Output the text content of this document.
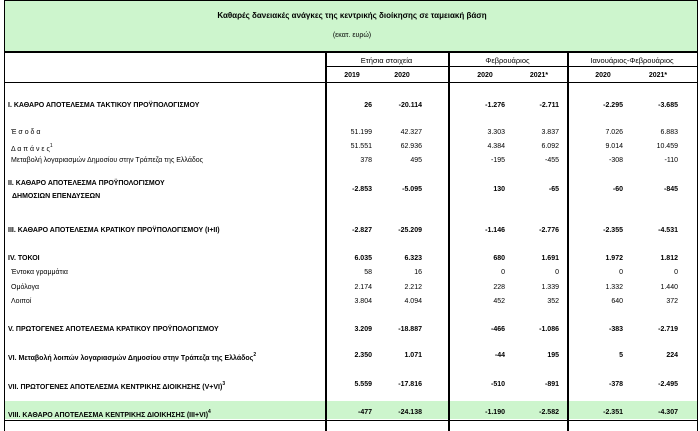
Καθαρές δανειακές ανάγκες της κεντρικής διοίκησης σε ταμειακή βάση
(εκατ. ευρώ)
Ετήσια στοιχεία
2019	2020
Φεβρουάριος
2020	2021*
Ιανουάριος-Φεβρουάριος
2020	2021*
I. ΚΑΘΑΡΟ ΑΠΟΤΕΛΕΣΜΑ ΤΑΚΤΙΚΟΥ ΠΡΟΫΠΟΛΟΓΙΣΜΟΥ	26	-20.114	-1.276	-2.711	-2.295	-3.685
Έ σ ο δ α	51.199	42.327	3.303	3.837	7.026	6.883
Δ α π ά ν ε $\varsigma^1$	51.551	62.936	4.384	6.092	9.014	10.459
Μεταβολή λογαριασμών Δημοσίου στην Τράπεζα της Ελλάδος	378	495	-195	-455	-308	-110
II. ΚΑΘΑΡΟ ΑΠΟΤΕΛΕΣΜΑ ΠΡΟΫΠΟΛΟΓΙΣΜΟΥ
ΔΗΜΟΣΙΩΝ ΕΠΕΝΔΥΣΕΩΝ
-2.853	-5.095	130	-65	-60	-845
III. ΚΑΘΑΡΟ ΑΠΟΤΕΛΕΣΜΑ ΚΡΑΤΙΚΟΥ ΠΡΟΫΠΟΛΟΓΙΣΜΟΥ (I+II)	-2.827	-25.209	-1.146	-2.776	-2.355	-4.531
IV. ΤΟΚΟΙ	6.035	6.323	680	1.691	1.972	1.812
Έντοκα γραμμάτια	58	16	0	0	0	0
Ομόλογα	2.174	2.212	228	1.339	1.332	1.440
Λοιποί	3.804	4.094	452	352	640	372
V. ΠΡΩΤΟΓΕΝΕΣ ΑΠΟΤΕΛΕΣΜΑ ΚΡΑΤΙΚΟΥ ΠΡΟΫΠΟΛΟΓΙΣΜΟΥ	3.209	-18.887	-466	-1.086	-383	-2.719
VI. Μεταβολή λοιπών λογαριασμών Δημοσίου στην Τράπεζα της Ελλάδος$^2$	2.350	1.071	-44	195	5	224
VII. ΠΡΩΤΟΓΕΝΕΣ ΑΠΟΤΕΛΕΣΜΑ ΚΕΝΤΡΙΚΗΣ ΔΙΟΙΚΗΣΗΣ $(V+VI)^3$	5.559	-17.816	-510	-891	-378	-2.495
VIII. ΚΑΘΑΡΟ ΑΠΟΤΕΛΕΣΜΑ ΚΕΝΤΡΙΚΗΣ ΔΙΟΙΚΗΣΗΣ $(III+VI)^4$	-477	-24.138	-1.190	-2.582	-2.351	-4.307
